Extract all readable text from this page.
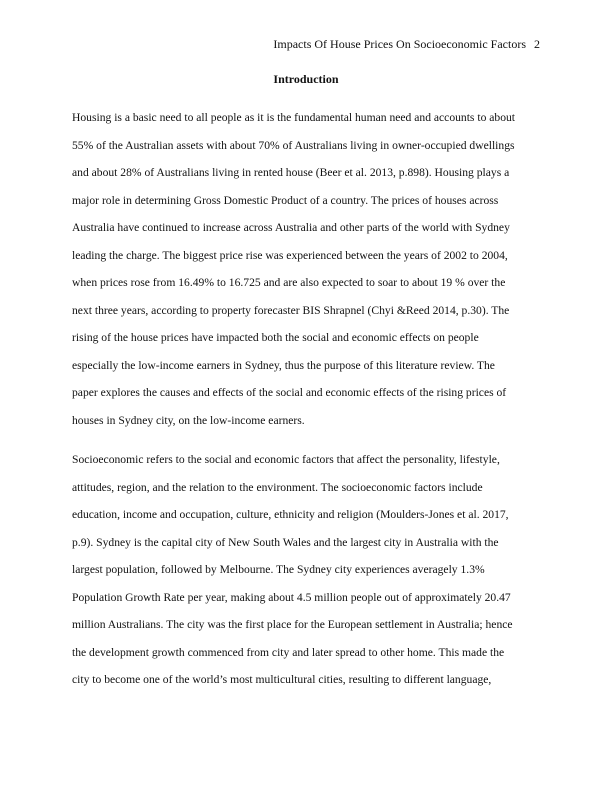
Impacts Of House Prices On Socioeconomic Factors 2
Introduction
Housing is a basic need to all people as it is the fundamental human need and accounts to about
55% of the Australian assets with about 70% of Australians living in owner-occupied dwellings
and about 28% of Australians living in rented house (Beer et al. 2013, p.898). Housing plays a
major role in determining Gross Domestic Product of a country. The prices of houses across
Australia have continued to increase across Australia and other parts of the world with Sydney
leading the charge. The biggest price rise was experienced between the years of 2002 to 2004,
when prices rose from 16.49% to 16.725 and are also expected to soar to about 19 % over the
next three years, according to property forecaster BIS Shrapnel (Chyi &Reed 2014, p.30). The
rising of the house prices have impacted both the social and economic effects on people
especially the low-income earners in Sydney, thus the purpose of this literature review. The
paper explores the causes and effects of the social and economic effects of the rising prices of
houses in Sydney city, on the low-income earners.
Socioeconomic refers to the social and economic factors that affect the personality, lifestyle,
attitudes, region, and the relation to the environment. The socioeconomic factors include
education, income and occupation, culture, ethnicity and religion (Moulders-Jones et al. 2017,
p.9). Sydney is the capital city of New South Wales and the largest city in Australia with the
largest population, followed by Melbourne. The Sydney city experiences averagely 1.3%
Population Growth Rate per year, making about 4.5 million people out of approximately 20.47
million Australians. The city was the first place for the European settlement in Australia; hence
the development growth commenced from city and later spread to other home. This made the
city to become one of the world’s most multicultural cities, resulting to different language,
